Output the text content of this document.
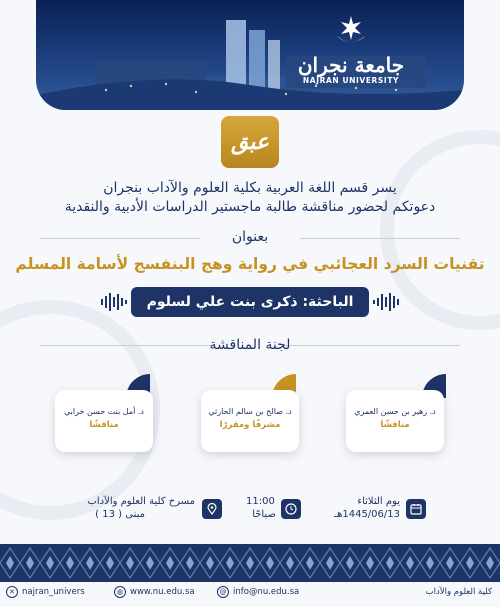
جامعة نجران
NAJRAN UNIVERSITY
عبق
يسر قسم اللغة العربية بكلية العلوم والآداب بنجران
دعوتكم لحضور مناقشة طالبة ماجستير الدراسات الأدبية والنقدية
بعنوان
تقنيات السرد العجائبي في رواية وهج البنفسج لأسامة المسلم
الباحثة: ذكرى بنت علي لسلوم
لجنة المناقشة
د. زهير بن حسن العمري
مناقشًا
د. صالح بن سالم الحارثي
مشرفًا ومقررًا
د. أمل بنت حسن خرابي
مناقشًا
يوم الثلاثاء
1445/06/13هـ
11:00
صباحًا
مسرح كلية العلوم والآداب
مبنى ( 13 )
✕ najran_univers	◍ www.nu.edu.sa	@ info@nu.edu.sa	كلية العلوم والآداب
